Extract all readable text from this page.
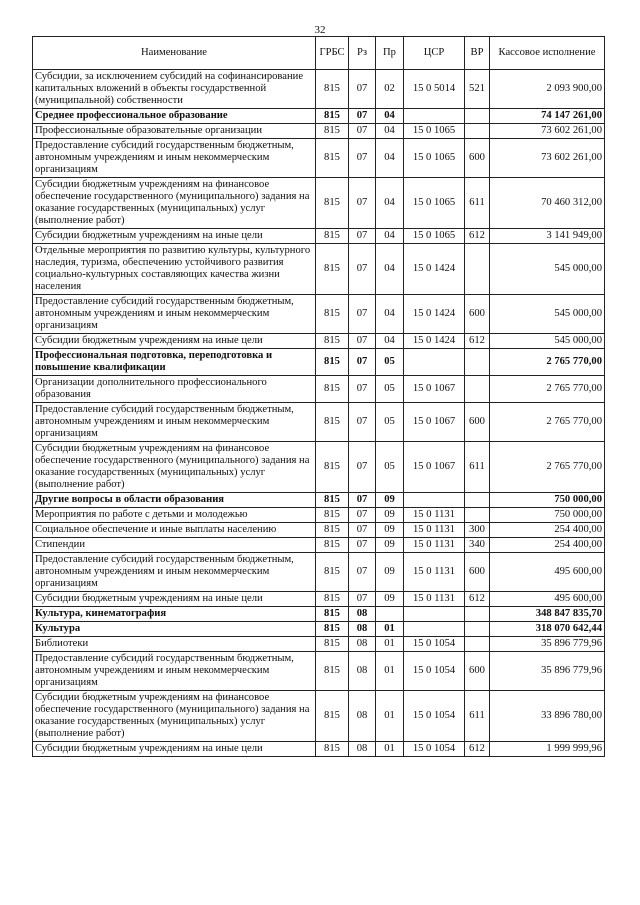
32
Наименование	ГРБС	Рз	Пр	ЦСР	ВР	Кассовое исполнение
Субсидии, за исключением субсидий на софинансирование капитальных вложений в объекты государственной (муниципальной) собственности	815	07	02	15 0 5014	521	2 093 900,00
Среднее профессиональное образование	815	07	04			74 147 261,00
Профессиональные образовательные организации	815	07	04	15 0 1065		73 602 261,00
Предоставление субсидий государственным бюджетным, автономным учреждениям и иным некоммерческим организациям	815	07	04	15 0 1065	600	73 602 261,00
Субсидии бюджетным учреждениям на финансовое обеспечение государственного (муниципального) задания на оказание государственных (муниципальных) услуг (выполнение работ)	815	07	04	15 0 1065	611	70 460 312,00
Субсидии бюджетным учреждениям на иные цели	815	07	04	15 0 1065	612	3 141 949,00
Отдельные мероприятия по развитию культуры, культурного наследия, туризма, обеспечению устойчивого развития социально-культурных составляющих качества жизни населения	815	07	04	15 0 1424		545 000,00
Предоставление субсидий государственным бюджетным, автономным учреждениям и иным некоммерческим организациям	815	07	04	15 0 1424	600	545 000,00
Субсидии бюджетным учреждениям на иные цели	815	07	04	15 0 1424	612	545 000,00
Профессиональная подготовка, переподготовка и повышение квалификации	815	07	05			2 765 770,00
Организации дополнительного профессионального образования	815	07	05	15 0 1067		2 765 770,00
Предоставление субсидий государственным бюджетным, автономным учреждениям и иным некоммерческим организациям	815	07	05	15 0 1067	600	2 765 770,00
Субсидии бюджетным учреждениям на финансовое обеспечение государственного (муниципального) задания на оказание государственных (муниципальных) услуг (выполнение работ)	815	07	05	15 0 1067	611	2 765 770,00
Другие вопросы в области образования	815	07	09			750 000,00
Мероприятия по работе с детьми и молодежью	815	07	09	15 0 1131		750 000,00
Социальное обеспечение и иные выплаты населению	815	07	09	15 0 1131	300	254 400,00
Стипендии	815	07	09	15 0 1131	340	254 400,00
Предоставление субсидий государственным бюджетным, автономным учреждениям и иным некоммерческим организациям	815	07	09	15 0 1131	600	495 600,00
Субсидии бюджетным учреждениям на иные цели	815	07	09	15 0 1131	612	495 600,00
Культура, кинематография	815	08				348 847 835,70
Культура	815	08	01			318 070 642,44
Библиотеки	815	08	01	15 0 1054		35 896 779,96
Предоставление субсидий государственным бюджетным, автономным учреждениям и иным некоммерческим организациям	815	08	01	15 0 1054	600	35 896 779,96
Субсидии бюджетным учреждениям на финансовое обеспечение государственного (муниципального) задания на оказание государственных (муниципальных) услуг (выполнение работ)	815	08	01	15 0 1054	611	33 896 780,00
Субсидии бюджетным учреждениям на иные цели	815	08	01	15 0 1054	612	1 999 999,96
